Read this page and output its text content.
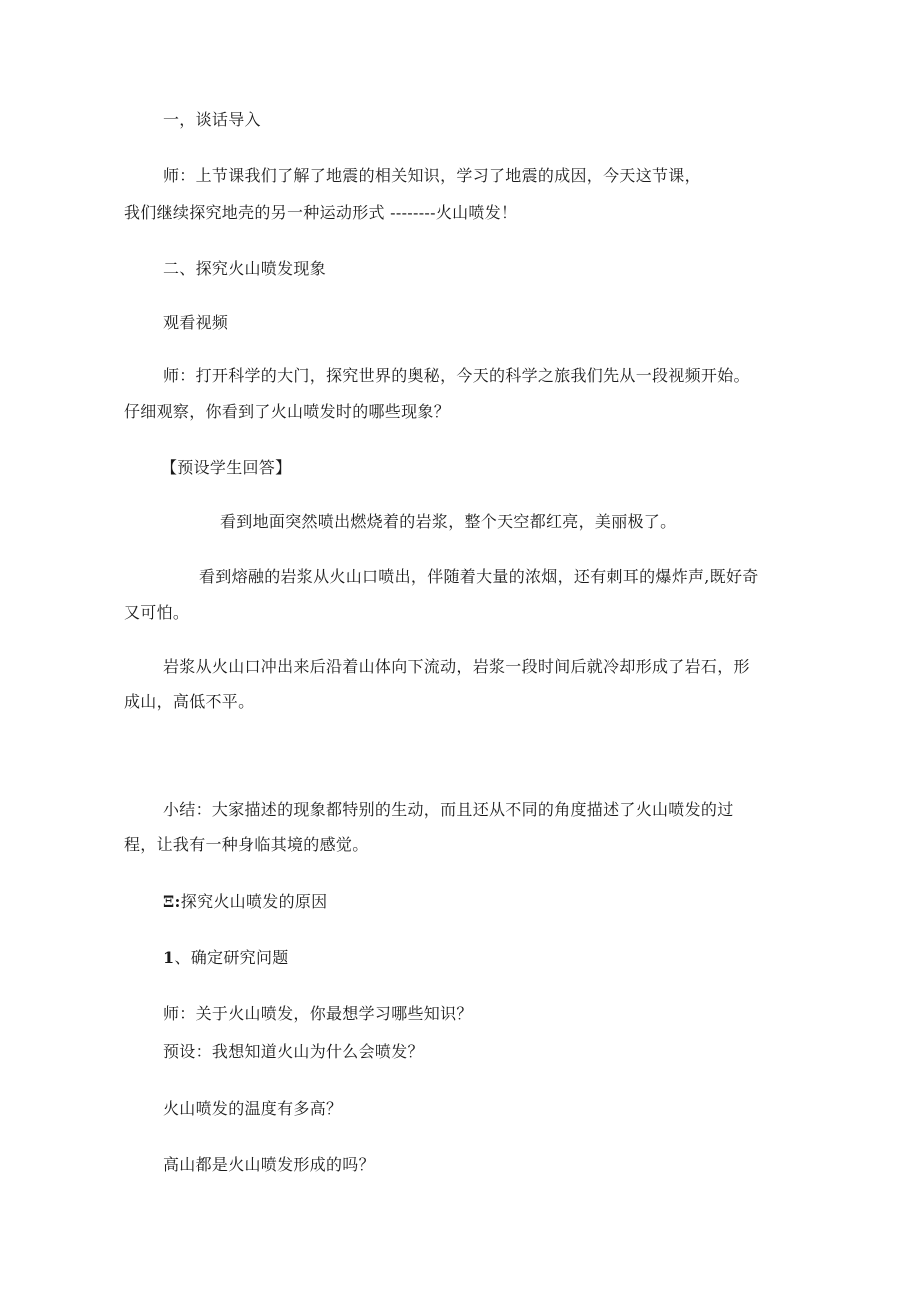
一，谈话导入
师：上节课我们了解了地震的相关知识，学习了地震的成因，今天这节课，
我们继续探究地壳的另一种运动形式 --------火山喷发！
二、探究火山喷发现象
观看视频
师：打开科学的大门，探究世界的奥秘，今天的科学之旅我们先从一段视频开始。
仔细观察，你看到了火山喷发时的哪些现象？
【预设学生回答】
看到地面突然喷出燃烧着的岩浆，整个天空都红亮，美丽极了。
看到熔融的岩浆从火山口喷出，伴随着大量的浓烟，还有刺耳的爆炸声,既好奇
又可怕。
岩浆从火山口冲出来后沿着山体向下流动，岩浆一段时间后就冷却形成了岩石，形
成山，高低不平。
小结：大家描述的现象都特别的生动，而且还从不同的角度描述了火山喷发的过
程，让我有一种身临其境的感觉。
Ξ:探究火山喷发的原因
1、确定研究问题
师：关于火山喷发，你最想学习哪些知识？
预设：我想知道火山为什么会喷发？
火山喷发的温度有多高？
高山都是火山喷发形成的吗？
